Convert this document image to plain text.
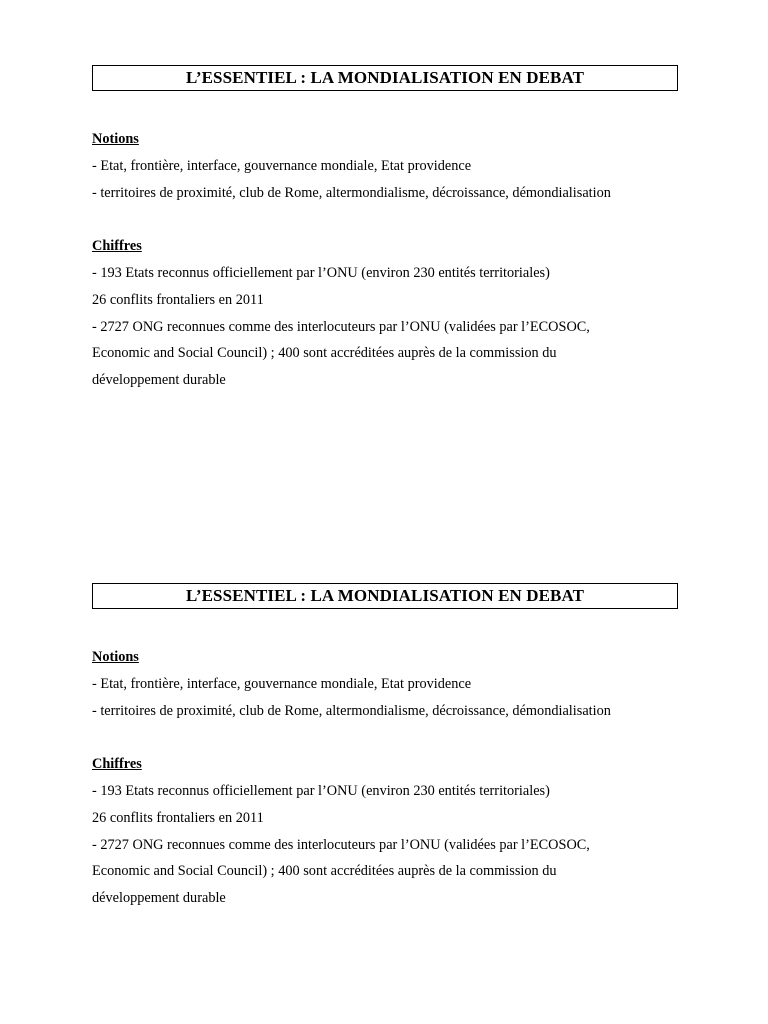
L’ESSENTIEL : LA MONDIALISATION EN DEBAT
Notions
- Etat, frontière, interface, gouvernance mondiale, Etat providence
- territoires de proximité, club de Rome, altermondialisme, décroissance, démondialisation
Chiffres
- 193 Etats reconnus officiellement par l’ONU (environ 230 entités territoriales)
26 conflits frontaliers en 2011
- 2727 ONG reconnues comme des interlocuteurs par l’ONU (validées par l’ECOSOC,
Economic and Social Council) ; 400 sont accréditées auprès de la commission du
développement durable
L’ESSENTIEL : LA MONDIALISATION EN DEBAT
Notions
- Etat, frontière, interface, gouvernance mondiale, Etat providence
- territoires de proximité, club de Rome, altermondialisme, décroissance, démondialisation
Chiffres
- 193 Etats reconnus officiellement par l’ONU (environ 230 entités territoriales)
26 conflits frontaliers en 2011
- 2727 ONG reconnues comme des interlocuteurs par l’ONU (validées par l’ECOSOC,
Economic and Social Council) ; 400 sont accréditées auprès de la commission du
développement durable
